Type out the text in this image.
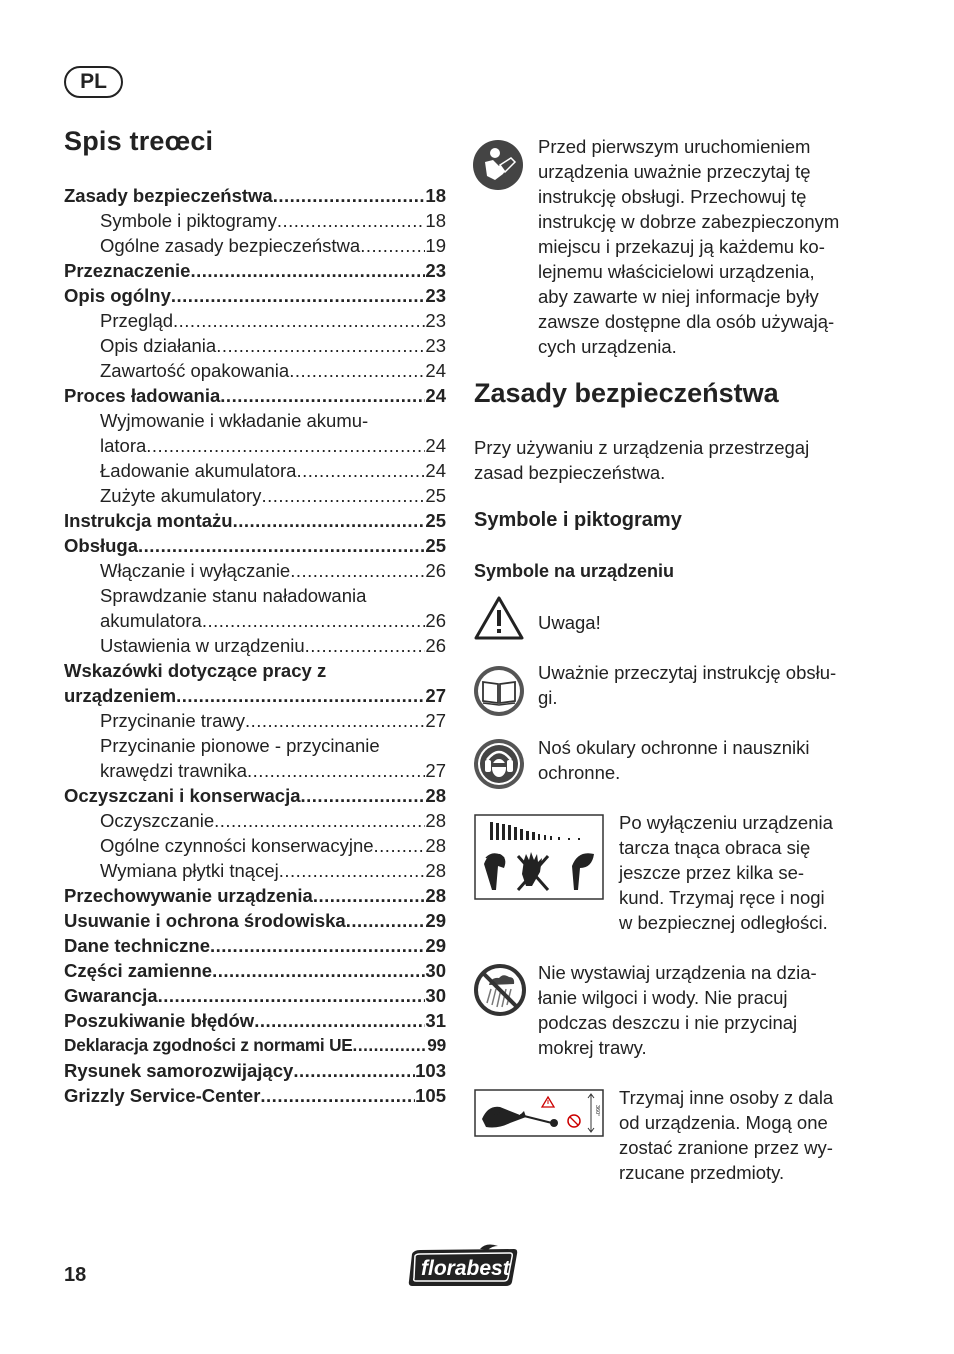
PL
Spis treœci
Zasady bezpieczeństwa .....	18
Symbole i piktogramy .....	18
Ogólne zasady bezpieczeństwa .....	19
Przeznaczenie .....	23
Opis ogólny .....	23
Przegląd .....	23
Opis działania .....	23
Zawartość opakowania .....	24
Proces ładowania .....	24
Wyjmowanie i wkładanie akumu-
latora .....	24
Ładowanie akumulatora .....	24
Zużyte akumulatory .....	25
Instrukcja montażu .....	25
Obsługa .....	25
Włączanie i wyłączanie .....	26
Sprawdzanie stanu naładowania
akumulatora .....	26
Ustawienia w urządzeniu .....	26
Wskazówki dotyczące pracy z
urządzeniem .....	27
Przycinanie trawy .....	27
Przycinanie pionowe - przycinanie
krawędzi trawnika .....	27
Oczyszczani i konserwacja .....	28
Oczyszczanie .....	28
Ogólne czynności konserwacyjne .....	28
Wymiana płytki tnącej .....	28
Przechowywanie urządzenia .....	28
Usuwanie i ochrona środowiska .....	29
Dane techniczne .....	29
Części zamienne .....	30
Gwarancja .....	30
Poszukiwanie błędów .....	31
Deklaracja zgodności z normami UE .....	99
Rysunek samorozwijający .....	103
Grizzly Service-Center .....	105
Przed pierwszym uruchomieniem
urządzenia uważnie przeczytaj tę
instrukcję obsługi. Przechowuj tę
instrukcję w dobrze zabezpieczonym
miejscu i przekazuj ją każdemu ko-
lejnemu właścicielowi urządzenia,
aby zawarte w niej informacje były
zawsze dostępne dla osób używają-
cych urządzenia.
Zasady bezpieczeństwa
Przy używaniu z urządzenia przestrzegaj
zasad bezpieczeństwa.
Symbole i piktogramy
Symbole na urządzeniu
Uwaga!
Uważnie przeczytaj instrukcję obsłu-
gi.
Noś okulary ochronne i nauszniki
ochronne.
Po wyłączeniu urządzenia
tarcza tnąca obraca się
jeszcze przez kilka se-
kund. Trzymaj ręce i nogi
w bezpiecznej odległości.
Nie wystawiaj urządzenia na dzia-
łanie wilgoci i wody. Nie pracuj
podczas deszczu i nie przycinaj
mokrej trawy.
360°
Trzymaj inne osoby z dala
od urządzenia. Mogą one
zostać zranione przez wy-
rzucane przedmioty.
18	florabest
